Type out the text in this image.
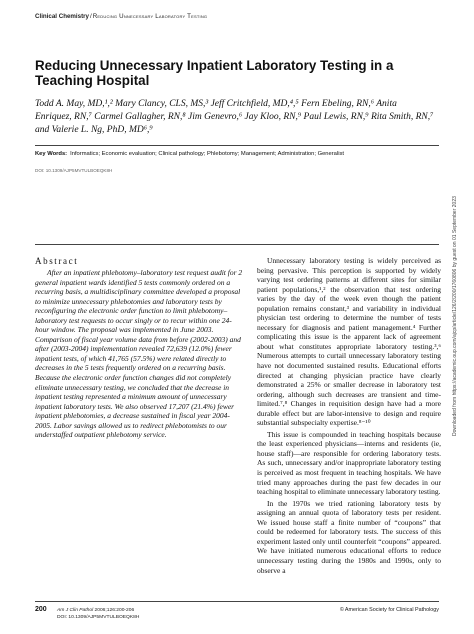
Clinical Chemistry/Reducing Unnecessary Laboratory Testing
Reducing Unnecessary Inpatient Laboratory Testing in a Teaching Hospital

Todd A. May, MD,¹,² Mary Clancy, CLS, MS,³ Jeff Critchfield, MD,⁴,⁵ Fern Ebeling, RN,⁶ Anita Enriquez, RN,⁷ Carmel Gallagher, RN,⁸ Jim Genevro,⁶ Jay Kloo, RN,⁹ Paul Lewis, RN,⁹ Rita Smith, RN,⁷ and Valerie L. Ng, PhD, MD⁶,⁹

Key Words: Informatics; Economic evaluation; Clinical pathology; Phlebotomy; Management; Administration; Generalist
DOI: 10.1309/AJP5MVTULBOEQK8H
Abstract

After an inpatient phlebotomy–laboratory test request audit for 2 general inpatient wards identified 5 tests commonly ordered on a recurring basis, a multidisciplinary committee developed a proposal to minimize unnecessary phlebotomies and laboratory tests by reconfiguring the electronic order function to limit phlebotomy–laboratory test requests to occur singly or to recur within one 24-hour window. The proposal was implemented in June 2003. Comparison of fiscal year volume data from before (2002-2003) and after (2003-2004) implementation revealed 72,639 (12.0%) fewer inpatient tests, of which 41,765 (57.5%) were related directly to decreases in the 5 tests frequently ordered on a recurring basis. Because the electronic order function changes did not completely eliminate unnecessary testing, we concluded that the decrease in inpatient testing represented a minimum amount of unnecessary inpatient laboratory tests. We also observed 17,207 (21.4%) fewer inpatient phlebotomies, a decrease sustained in fiscal year 2004-2005. Labor savings allowed us to redirect phlebotomists to our understaffed outpatient phlebotomy service.

Unnecessary laboratory testing is widely perceived as being pervasive. This perception is supported by widely varying test ordering patterns at different sites for similar patient populations,¹,² the observation that test ordering varies by the day of the week even though the patient population remains constant,³ and variability in individual physician test ordering to determine the number of tests necessary for diagnosis and patient management.⁴ Further complicating this issue is the apparent lack of agreement about what constitutes appropriate laboratory testing.³,⁶ Numerous attempts to curtail unnecessary laboratory testing have not documented sustained results. Educational efforts directed at changing physician practice have clearly demonstrated a 25% or smaller decrease in laboratory test ordering, although such decreases are transient and time-limited.⁷,⁸ Changes in requisition design have had a more durable effect but are labor-intensive to design and require substantial subspecialty expertise.⁸⁻¹⁰

This issue is compounded in teaching hospitals because the least experienced physicians—interns and residents (ie, house staff)—are responsible for ordering laboratory tests. As such, unnecessary and/or inappropriate laboratory testing is perceived as most frequent in teaching hospitals. We have tried many approaches during the past few decades in our teaching hospital to eliminate unnecessary laboratory testing.

In the 1970s we tried rationing laboratory tests by assigning an annual quota of laboratory tests per resident. We issued house staff a finite number of “coupons” that could be redeemed for laboratory tests. The success of this experiment lasted only until counterfeit “coupons” appeared. We have initiated numerous educational efforts to reduce unnecessary testing during the 1980s and 1990s, only to observe a

Downloaded from https://academic.oup.com/ajcp/article/126/2/200/1760806 by guest on 01 September 2023
200 Am J Clin Pathol 2006;126:200-206
DOI: 10.1309/AJP5MVTULBOEQK8H
©American Society for Clinical Pathology
